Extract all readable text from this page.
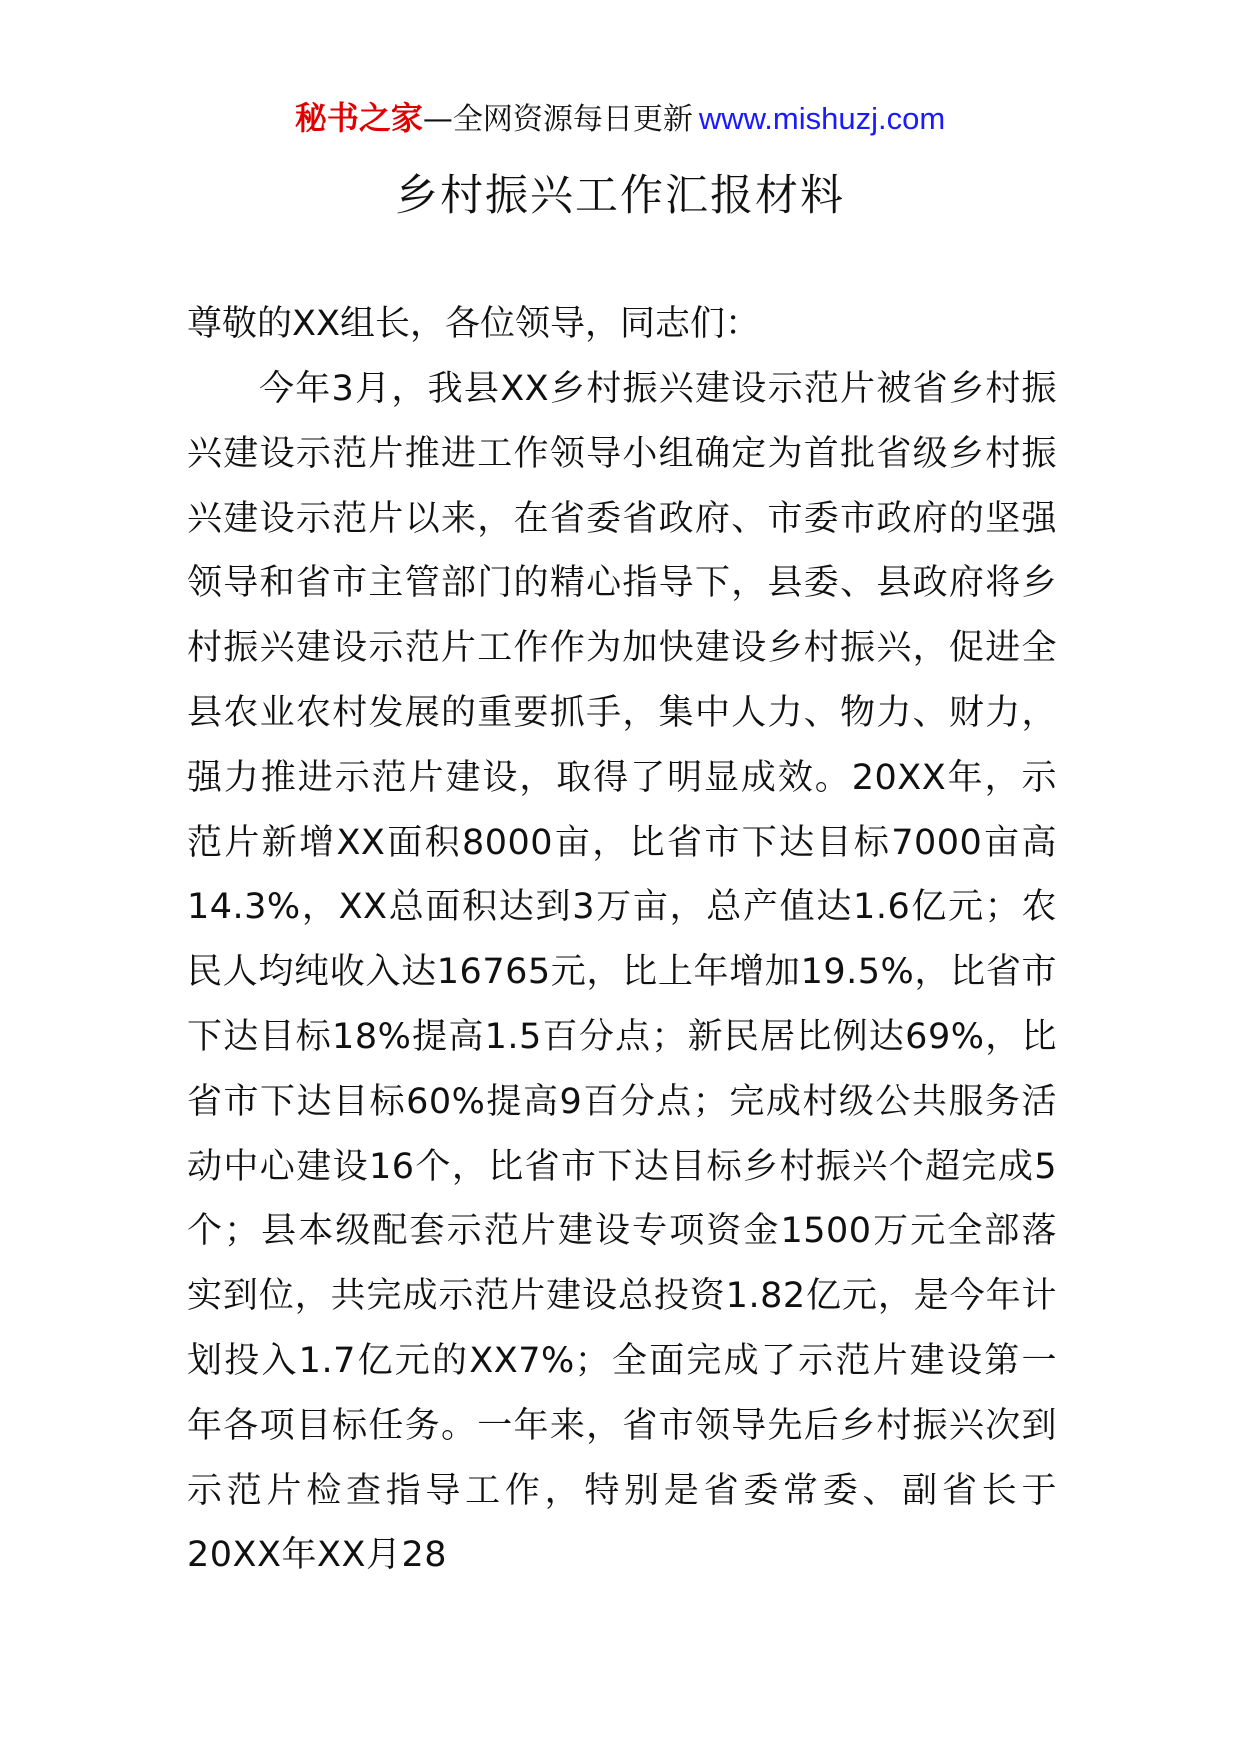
秘书之家—全网资源每日更新 www.mishuzj.com
乡村振兴工作汇报材料

尊敬的XX组长，各位领导，同志们：

今年3月，我县XX乡村振兴建设示范片被省乡村振兴建设示范片推进工作领导小组确定为首批省级乡村振兴建设示范片以来，在省委省政府、市委市政府的坚强领导和省市主管部门的精心指导下，县委、县政府将乡村振兴建设示范片工作作为加快建设乡村振兴，促进全县农业农村发展的重要抓手，集中人力、物力、财力，强力推进示范片建设，取得了明显成效。20XX年，示范片新增XX面积8000亩，比省市下达目标7000亩高14.3%，XX总面积达到3万亩，总产值达1.6亿元；农民人均纯收入达16765元，比上年增加19.5%，比省市下达目标18%提高1.5百分点；新民居比例达69%，比省市下达目标60%提高9百分点；完成村级公共服务活动中心建设16个，比省市下达目标乡村振兴个超完成5个；县本级配套示范片建设专项资金1500万元全部落实到位，共完成示范片建设总投资1.82亿元，是今年计划投入1.7亿元的XX7%；全面完成了示范片建设第一年各项目标任务。一年来，省市领导先后乡村振兴次到示范片检查指导工作，特别是省委常委、副省长于20XX年XX月28
